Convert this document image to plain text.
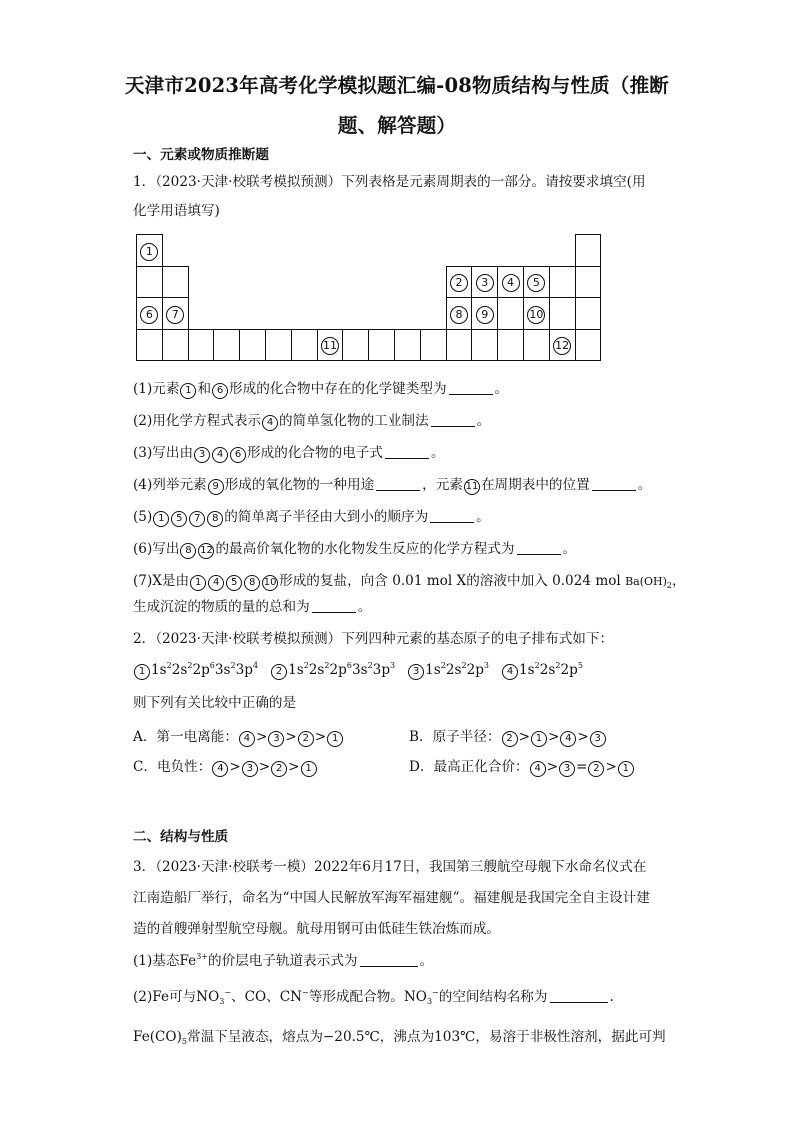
天津市2023年高考化学模拟题汇编-08物质结构与性质（推断题、解答题）
一、元素或物质推断题
1．（2023·天津·校联考模拟预测）下列表格是元素周期表的一部分。请按要求填空(用
化学用语填写)
1																	
												2	3	4	5		
6	7											8	9		10		
							11									12	
(1)元素 1 和 6 形成的化合物中存在的化学键类型为	。
(2)用化学方程式表示 4 的简单氢化物的工业制法	。
(3)写出由 3 4 6 形成的化合物的电子式	。
(4)列举元素 9 形成的氧化物的一种用途	，元素 11 在周期表中的位置	。
(5) 1 5 7 8 的简单离子半径由大到小的顺序为	。
(6)写出 8 12 的最高价氧化物的水化物发生反应的化学方程式为	。
(7)X是由 1 4 5 8 10 形成的复盐，向含 0.01 mol X的溶液中加入 0.024 mol $Ba(OH)_2$，
生成沉淀的物质的量的总和为	。
2．（2023·天津·校联考模拟预测）下列四种元素的基态原子的电子排布式如下：
1 $1s^22s^22p^63s^23p^42$ $1s^22s^22p^63s^23p^33$ $1s^22s^22p^34$ $1s^22s^22p^5$
则下列有关比较中正确的是
A．第一电离能： 4 > 3 > 2 > 1	B．原子半径： 2 > 1 > 4 > 3
C．电负性： 4 > 3 > 2 > 1	D．最高正化合价： 4 > 3 = 2 > 1
二、结构与性质
3．（2023·天津·校联考一模）2022年6月17日，我国第三艘航空母舰下水命名仪式在
江南造船厂举行，命名为“中国人民解放军海军福建舰”。福建舰是我国完全自主设计建
造的首艘弹射型航空母舰。航母用钢可由低硅生铁冶炼而成。
(1)基态$Fe^{3+}$的价层电子轨道表示式为	。
(2)Fe可与$NO_3^-$、CO、CN−等形成配合物。$NO_3^-$的空间结构名称为	.
$Fe(CO)_5$常温下呈液态，熔点为−20.5℃，沸点为103℃，易溶于非极性溶剂，据此可判
